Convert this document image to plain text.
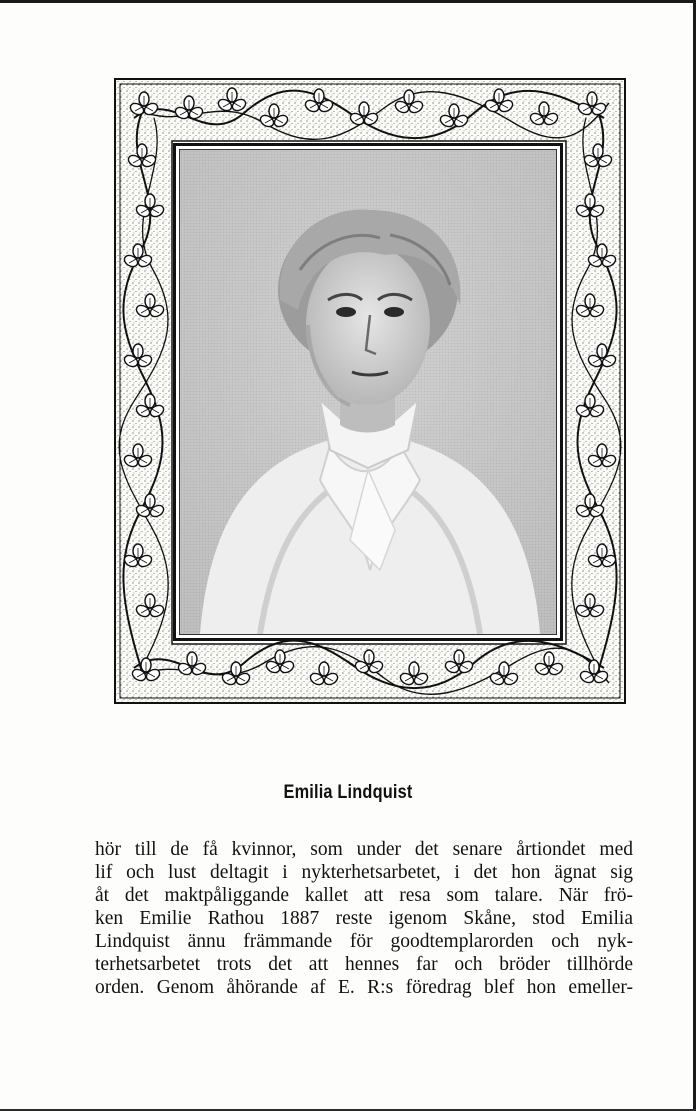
Emilia Lindquist
hör till de få kvinnor, som under det senare årtiondet med
lif och lust deltagit i nykterhetsarbetet, i det hon ägnat sig
åt det maktpåliggande kallet att resa som talare. När frö-
ken Emilie Rathou 1887 reste igenom Skåne, stod Emilia
Lindquist ännu främmande för goodtemplarorden och nyk-
terhetsarbetet trots det att hennes far och bröder tillhörde
orden. Genom åhörande af E. R:s föredrag blef hon emeller-
